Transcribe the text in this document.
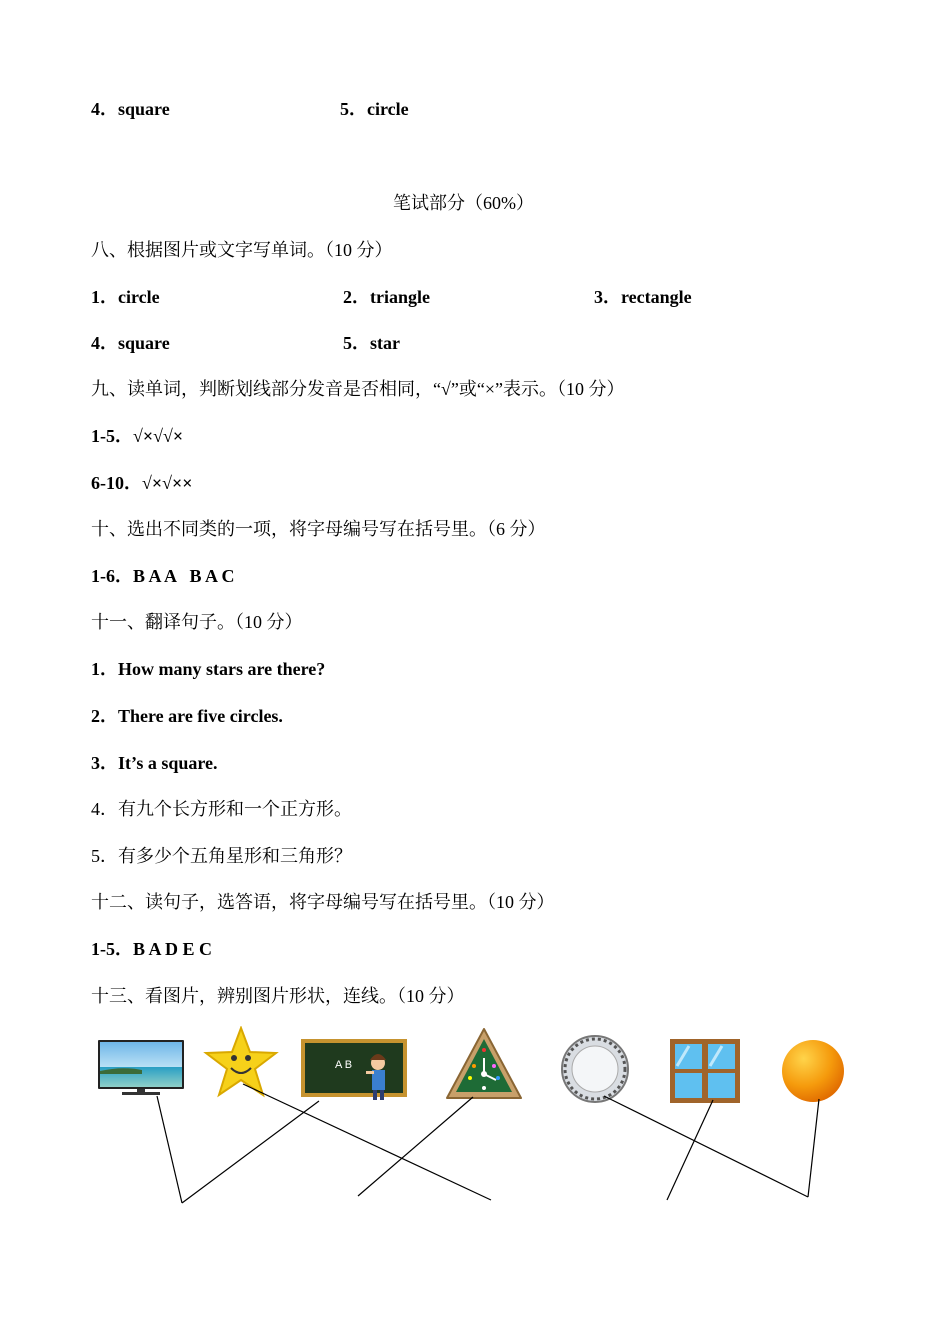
4．square	5．circle
笔试部分（60%）
八、根据图片或文字写单词。（10 分）
1．circle	2．triangle	3．rectangle
4．square	5．star
九、读单词，判断划线部分发音是否相同，“√”或“×”表示。（10 分）
1-5．√×√√×
6-10．√×√××
十、选出不同类的一项，将字母编号写在括号里。（6 分）
1-6．B A A   B A C
十一、翻译句子。（10 分）
1．How many stars are there?
2．There are five circles.
3．It’s a square.
4．有九个长方形和一个正方形。
5．有多少个五角星形和三角形？
十二、读句子，选答语，将字母编号写在括号里。（10 分）
1-5．B A D E C
十三、看图片，辨别图片形状，连线。（10 分）
A B
